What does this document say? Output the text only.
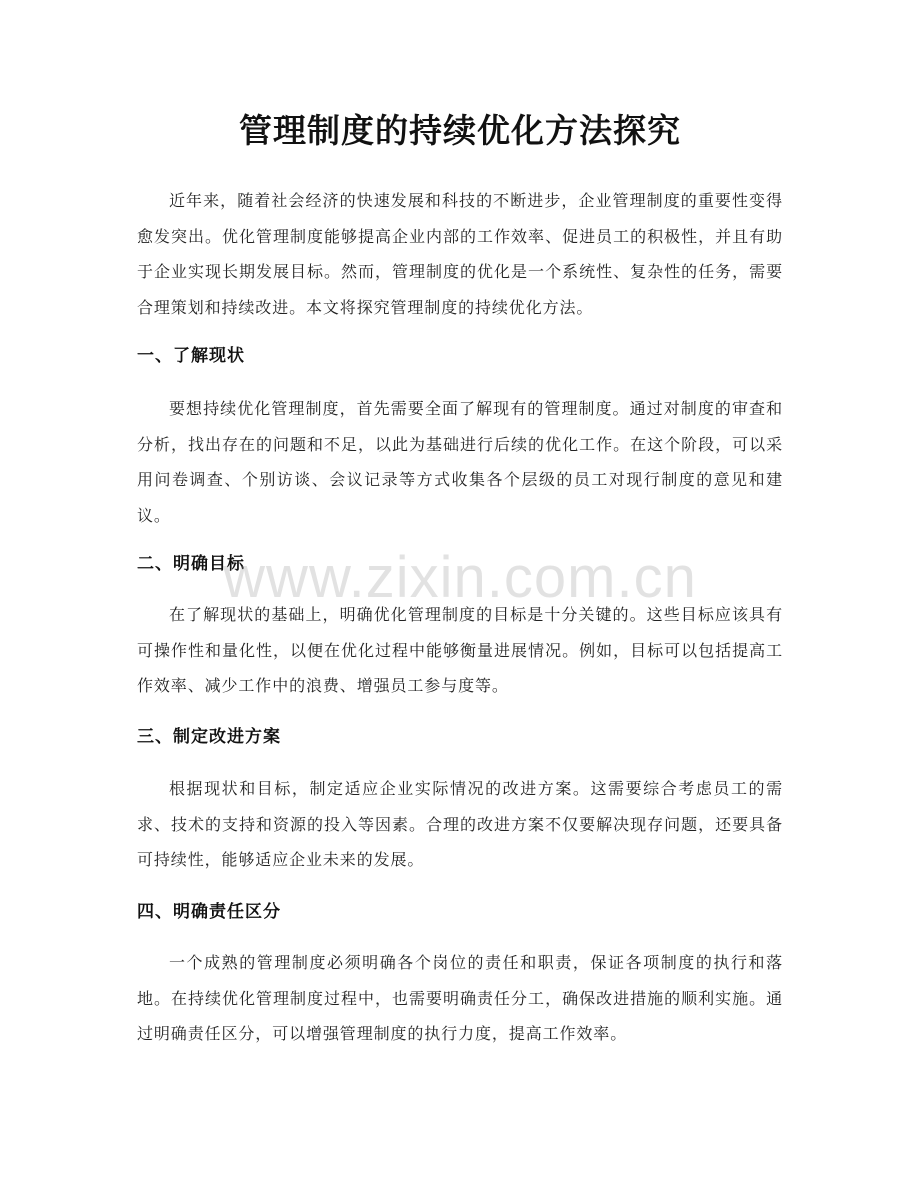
管理制度的持续优化方法探究

近年来，随着社会经济的快速发展和科技的不断进步，企业管理制度的重要性变得愈发突出。优化管理制度能够提高企业内部的工作效率、促进员工的积极性，并且有助于企业实现长期发展目标。然而，管理制度的优化是一个系统性、复杂性的任务，需要合理策划和持续改进。本文将探究管理制度的持续优化方法。

一、了解现状

要想持续优化管理制度，首先需要全面了解现有的管理制度。通过对制度的审查和分析，找出存在的问题和不足，以此为基础进行后续的优化工作。在这个阶段，可以采用问卷调查、个别访谈、会议记录等方式收集各个层级的员工对现行制度的意见和建议。

二、明确目标

在了解现状的基础上，明确优化管理制度的目标是十分关键的。这些目标应该具有可操作性和量化性，以便在优化过程中能够衡量进展情况。例如，目标可以包括提高工作效率、减少工作中的浪费、增强员工参与度等。

三、制定改进方案

根据现状和目标，制定适应企业实际情况的改进方案。这需要综合考虑员工的需求、技术的支持和资源的投入等因素。合理的改进方案不仅要解决现存问题，还要具备可持续性，能够适应企业未来的发展。

四、明确责任区分

一个成熟的管理制度必须明确各个岗位的责任和职责，保证各项制度的执行和落地。在持续优化管理制度过程中，也需要明确责任分工，确保改进措施的顺利实施。通过明确责任区分，可以增强管理制度的执行力度，提高工作效率。

www.zixin.com.cn
